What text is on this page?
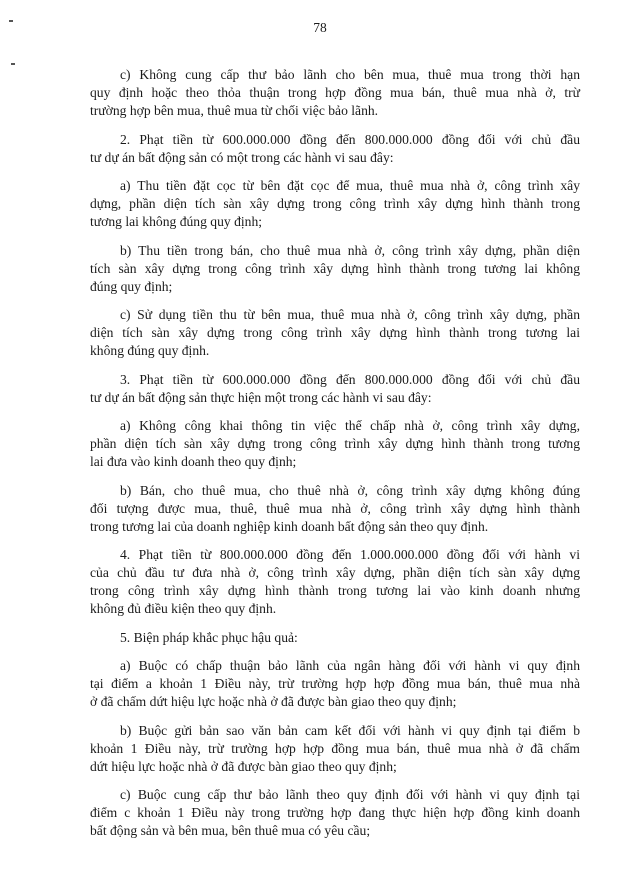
78

c) Không cung cấp thư bảo lãnh cho bên mua, thuê mua trong thời hạn
quy định hoặc theo thỏa thuận trong hợp đồng mua bán, thuê mua nhà ở, trừ
trường hợp bên mua, thuê mua từ chối việc bảo lãnh.

2. Phạt tiền từ 600.000.000 đồng đến 800.000.000 đồng đối với chủ đầu
tư dự án bất động sản có một trong các hành vi sau đây:

a) Thu tiền đặt cọc từ bên đặt cọc để mua, thuê mua nhà ở, công trình xây
dựng, phần diện tích sàn xây dựng trong công trình xây dựng hình thành trong
tương lai không đúng quy định;

b) Thu tiền trong bán, cho thuê mua nhà ở, công trình xây dựng, phần diện
tích sàn xây dựng trong công trình xây dựng hình thành trong tương lai không
đúng quy định;

c) Sử dụng tiền thu từ bên mua, thuê mua nhà ở, công trình xây dựng, phần
diện tích sàn xây dựng trong công trình xây dựng hình thành trong tương lai
không đúng quy định.

3. Phạt tiền từ 600.000.000 đồng đến 800.000.000 đồng đối với chủ đầu
tư dự án bất động sản thực hiện một trong các hành vi sau đây:

a) Không công khai thông tin việc thế chấp nhà ở, công trình xây dựng,
phần diện tích sàn xây dựng trong công trình xây dựng hình thành trong tương
lai đưa vào kinh doanh theo quy định;

b) Bán, cho thuê mua, cho thuê nhà ở, công trình xây dựng không đúng
đối tượng được mua, thuê, thuê mua nhà ở, công trình xây dựng hình thành
trong tương lai của doanh nghiệp kinh doanh bất động sản theo quy định.

4. Phạt tiền từ 800.000.000 đồng đến 1.000.000.000 đồng đối với hành vi
của chủ đầu tư đưa nhà ở, công trình xây dựng, phần diện tích sàn xây dựng
trong công trình xây dựng hình thành trong tương lai vào kinh doanh nhưng
không đủ điều kiện theo quy định.

5. Biện pháp khắc phục hậu quả:

a) Buộc có chấp thuận bảo lãnh của ngân hàng đối với hành vi quy định
tại điểm a khoản 1 Điều này, trừ trường hợp hợp đồng mua bán, thuê mua nhà
ở đã chấm dứt hiệu lực hoặc nhà ở đã được bàn giao theo quy định;

b) Buộc gửi bản sao văn bản cam kết đối với hành vi quy định tại điểm b
khoản 1 Điều này, trừ trường hợp hợp đồng mua bán, thuê mua nhà ở đã chấm
dứt hiệu lực hoặc nhà ở đã được bàn giao theo quy định;

c) Buộc cung cấp thư bảo lãnh theo quy định đối với hành vi quy định tại
điểm c khoản 1 Điều này trong trường hợp đang thực hiện hợp đồng kinh doanh
bất động sản và bên mua, bên thuê mua có yêu cầu;
